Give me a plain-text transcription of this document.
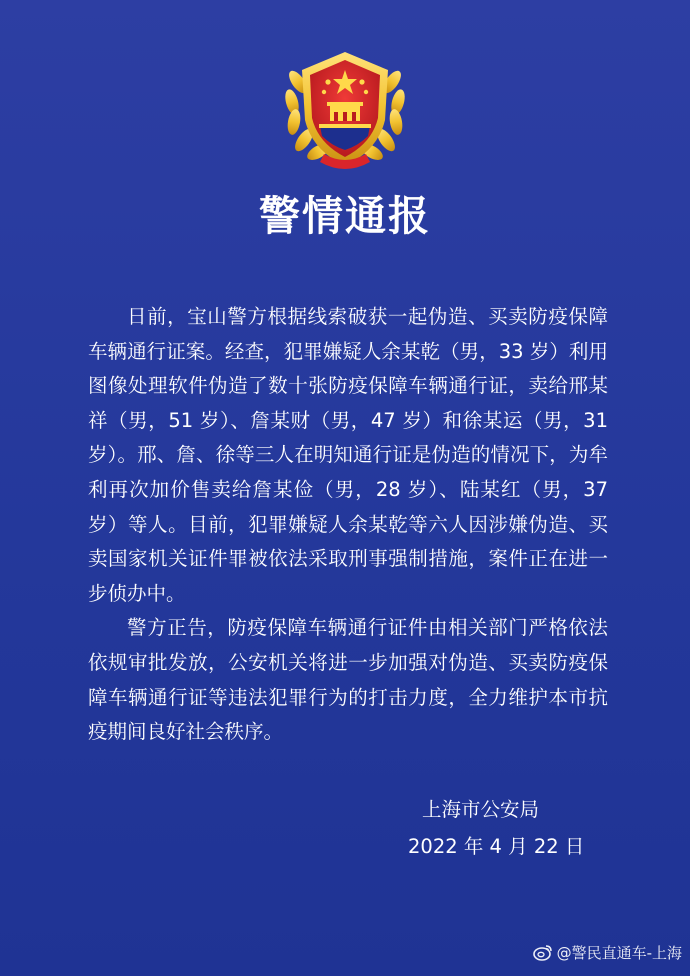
警情通报

日前，宝山警方根据线索破获一起伪造、买卖防疫保障车辆通行证案。经查，犯罪嫌疑人余某乾（男，33 岁）利用图像处理软件伪造了数十张防疫保障车辆通行证，卖给邢某祥（男，51 岁）、詹某财（男，47 岁）和徐某运（男，31 岁）。邢、詹、徐等三人在明知通行证是伪造的情况下，为牟利再次加价售卖给詹某俭（男，28 岁）、陆某红（男，37 岁）等人。目前，犯罪嫌疑人余某乾等六人因涉嫌伪造、买卖国家机关证件罪被依法采取刑事强制措施，案件正在进一步侦办中。

警方正告，防疫保障车辆通行证件由相关部门严格依法依规审批发放，公安机关将进一步加强对伪造、买卖防疫保障车辆通行证等违法犯罪行为的打击力度，全力维护本市抗疫期间良好社会秩序。

上海市公安局
2022 年 4 月 22 日
@警民直通车-上海
